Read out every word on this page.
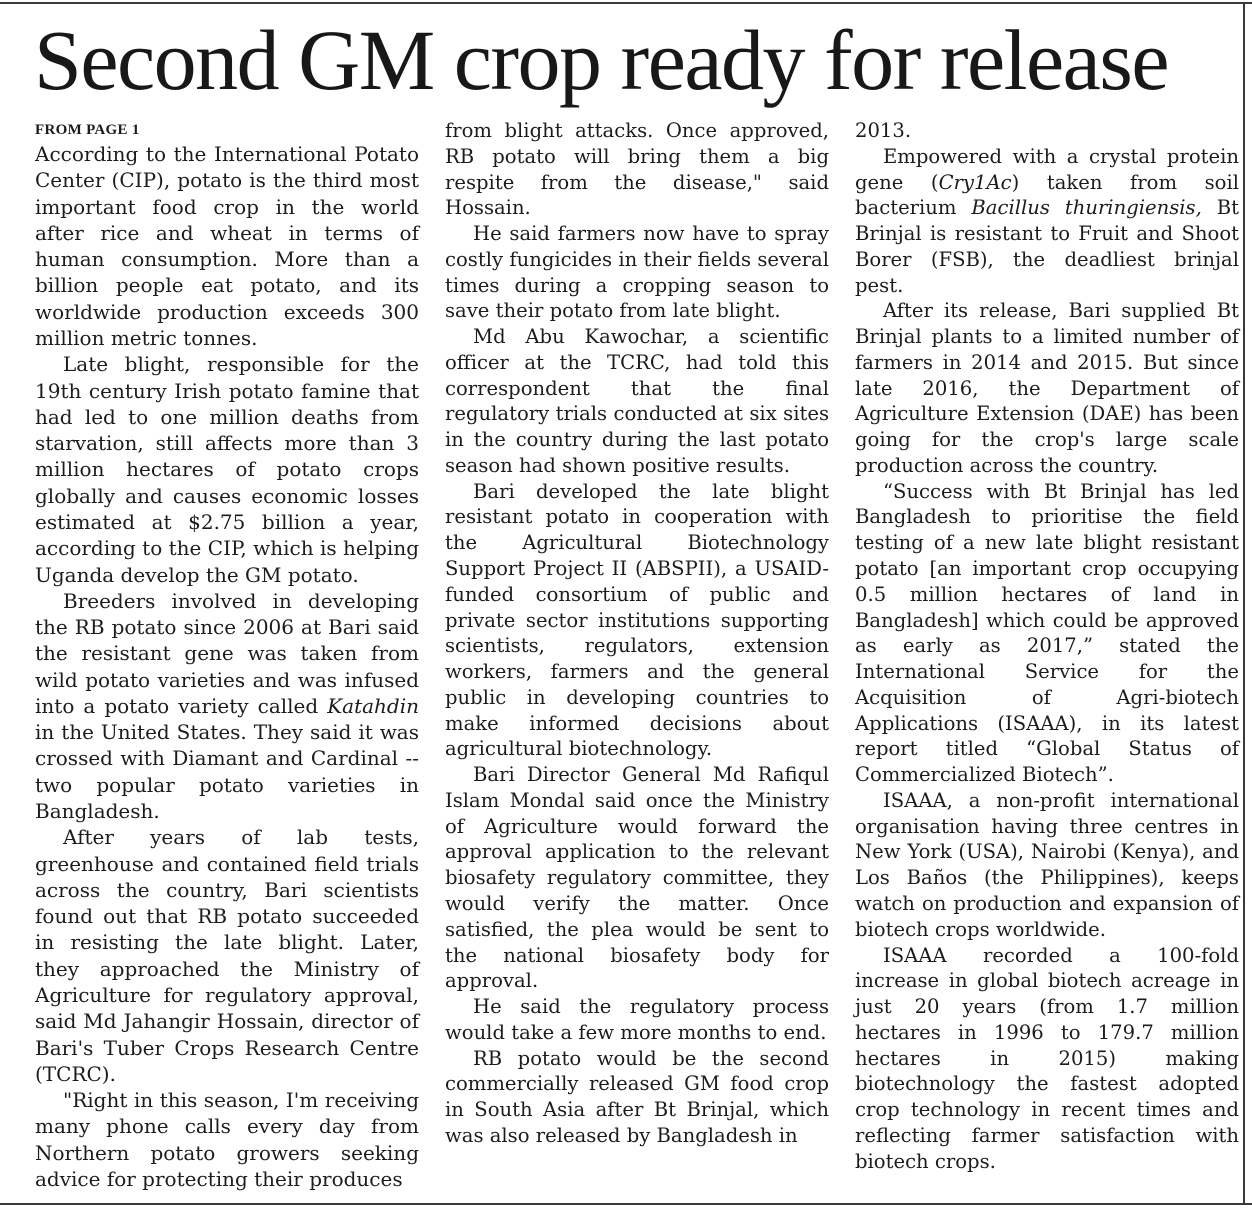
Second GM crop ready for release
FROM PAGE 1

According to the International Potato Center (CIP), potato is the third most important food crop in the world after rice and wheat in terms of human consumption. More than a billion people eat potato, and its worldwide production exceeds 300 million metric tonnes.

Late blight, responsible for the 19th century Irish potato famine that had led to one million deaths from starvation, still affects more than 3 million hectares of potato crops globally and causes economic losses estimated at $2.75 billion a year, according to the CIP, which is helping Uganda develop the GM potato.

Breeders involved in developing the RB potato since 2006 at Bari said the resistant gene was taken from wild potato varieties and was infused into a potato variety called Katahdin in the United States. They said it was crossed with Diamant and Cardinal -- two popular potato varieties in Bangladesh.

After years of lab tests, greenhouse and contained field trials across the country, Bari scientists found out that RB potato succeeded in resisting the late blight. Later, they approached the Ministry of Agriculture for regulatory approval, said Md Jahangir Hossain, director of Bari's Tuber Crops Research Centre (TCRC).

"Right in this season, I'm receiving many phone calls every day from Northern potato growers seeking advice for protecting their produces

from blight attacks. Once approved, RB potato will bring them a big respite from the disease," said Hossain.

He said farmers now have to spray costly fungicides in their fields several times during a cropping season to save their potato from late blight.

Md Abu Kawochar, a scientific officer at the TCRC, had told this correspondent that the final regulatory trials conducted at six sites in the country during the last potato season had shown positive results.

Bari developed the late blight resistant potato in cooperation with the Agricultural Biotechnology Support Project II (ABSPII), a USAID-funded consortium of public and private sector institutions supporting scientists, regulators, extension workers, farmers and the general public in developing countries to make informed decisions about agricultural biotechnology.

Bari Director General Md Rafiqul Islam Mondal said once the Ministry of Agriculture would forward the approval application to the relevant biosafety regulatory committee, they would verify the matter. Once satisfied, the plea would be sent to the national biosafety body for approval.

He said the regulatory process would take a few more months to end.

RB potato would be the second commercially released GM food crop in South Asia after Bt Brinjal, which was also released by Bangladesh in

2013.

Empowered with a crystal protein gene (Cry1Ac) taken from soil bacterium Bacillus thuringiensis, Bt Brinjal is resistant to Fruit and Shoot Borer (FSB), the deadliest brinjal pest.

After its release, Bari supplied Bt Brinjal plants to a limited number of farmers in 2014 and 2015. But since late 2016, the Department of Agriculture Extension (DAE) has been going for the crop's large scale production across the country.

“Success with Bt Brinjal has led Bangladesh to prioritise the field testing of a new late blight resistant potato [an important crop occupying 0.5 million hectares of land in Bangladesh] which could be approved as early as 2017,” stated the International Service for the Acquisition of Agri-biotech Applications (ISAAA), in its latest report titled “Global Status of Commercialized Biotech”.

ISAAA, a non-profit international organisation having three centres in New York (USA), Nairobi (Kenya), and Los Baños (the Philippines), keeps watch on production and expansion of biotech crops worldwide.

ISAAA recorded a 100-fold increase in global biotech acreage in just 20 years (from 1.7 million hectares in 1996 to 179.7 million hectares in 2015) making biotechnology the fastest adopted crop technology in recent times and reflecting farmer satisfaction with biotech crops.
